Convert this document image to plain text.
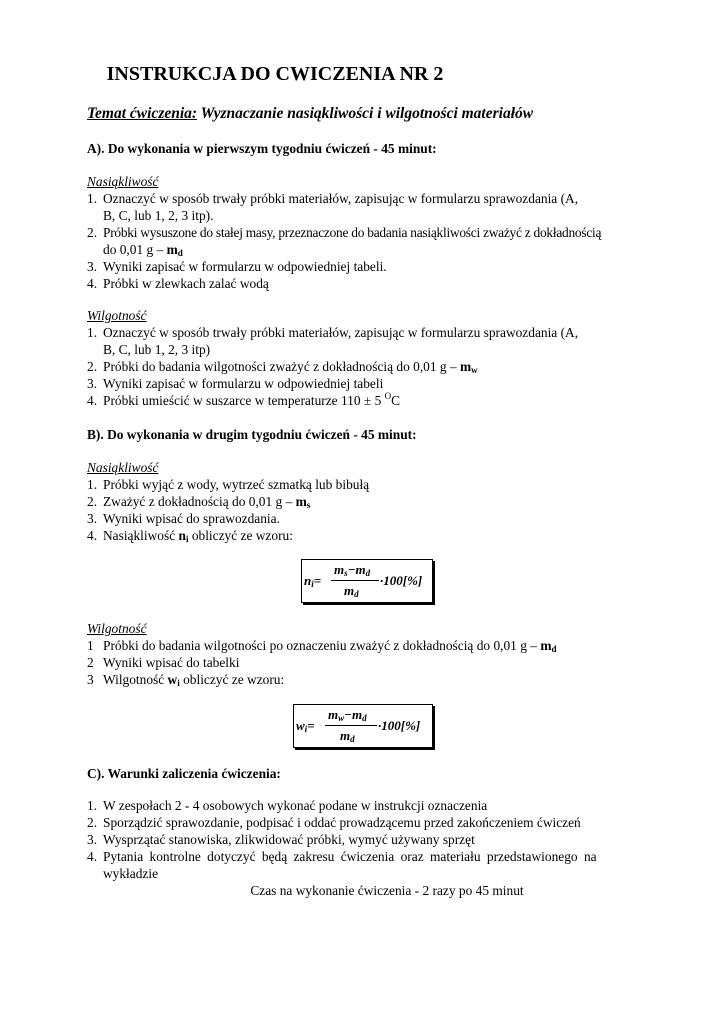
INSTRUKCJA DO CWICZENIA NR 2
Temat ćwiczenia: Wyznaczanie nasiąkliwości i wilgotności materiałów
A). Do wykonania w pierwszym tygodniu ćwiczeń - 45 minut:
Nasiąkliwość
1. Oznaczyć w sposób trwały próbki materiałów, zapisując w formularzu sprawozdania (A,
B, C, lub 1, 2, 3 itp).
2. Próbki wysuszone do stałej masy, przeznaczone do badania nasiąkliwości zważyć z dokładnością
do 0,01 g – $m_d$
3. Wyniki zapisać w formularzu w odpowiedniej tabeli.
4. Próbki w zlewkach zalać wodą
Wilgotność
1. Oznaczyć w sposób trwały próbki materiałów, zapisując w formularzu sprawozdania (A,
B, C, lub 1, 2, 3 itp)
2. Próbki do badania wilgotności zważyć z dokładnością do 0,01 g – $m_w$
3. Wyniki zapisać w formularzu w odpowiedniej tabeli
4. Próbki umieścić w suszarce w temperaturze 110 ± 5 $^O$C
B). Do wykonania w drugim tygodniu ćwiczeń - 45 minut:
Nasiąkliwość
1. Próbki wyjąć z wody, wytrzeć szmatką lub bibułą
2. Zważyć z dokładnością do 0,01 g – $m_s$
3. Wyniki wpisać do sprawozdania.
4. Nasiąkliwość $n_i$ obliczyć ze wzoru:
$n_i=$
$m_s-m_d$
$m_d$
·100[%]
Wilgotność
1 Próbki do badania wilgotności po oznaczeniu zważyć z dokładnością do 0,01 g – $m_d$
2 Wyniki wpisać do tabelki
3 Wilgotność $w_i$ obliczyć ze wzoru:
$w_i=$
$m_w-m_d$
$m_d$
·100[%]
C). Warunki zaliczenia ćwiczenia:
1. W zespołach 2 - 4 osobowych wykonać podane w instrukcji oznaczenia
2. Sporządzić sprawozdanie, podpisać i oddać prowadzącemu przed zakończeniem ćwiczeń
3. Wysprzątać stanowiska, zlikwidować próbki, wymyć używany sprzęt
4. Pytania kontrolne dotyczyć będą zakresu ćwiczenia oraz materiału przedstawionego na
wykładzie
Czas na wykonanie ćwiczenia - 2 razy po 45 minut
